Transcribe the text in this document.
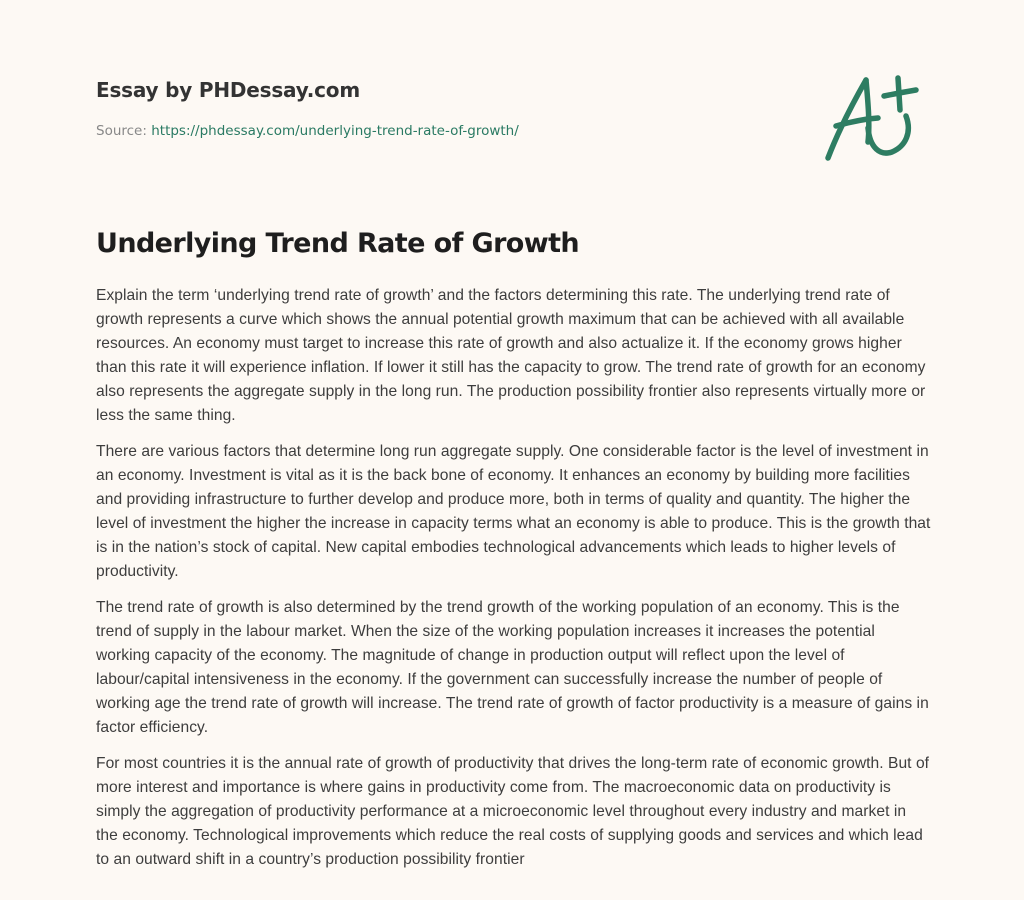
Essay by PHDessay.com
Source: https://phdessay.com/underlying-trend-rate-of-growth/
Underlying Trend Rate of Growth

Explain the term ‘underlying trend rate of growth’ and the factors determining this rate. The underlying trend rate of growth represents a curve which shows the annual potential growth maximum that can be achieved with all available resources. An economy must target to increase this rate of growth and also actualize it. If the economy grows higher than this rate it will experience inflation. If lower it still has the capacity to grow. The trend rate of growth for an economy also represents the aggregate supply in the long run. The production possibility frontier also represents virtually more or less the same thing.

There are various factors that determine long run aggregate supply. One considerable factor is the level of investment in an economy. Investment is vital as it is the back bone of economy. It enhances an economy by building more facilities and providing infrastructure to further develop and produce more, both in terms of quality and quantity. The higher the level of investment the higher the increase in capacity terms what an economy is able to produce. This is the growth that is in the nation’s stock of capital. New capital embodies technological advancements which leads to higher levels of productivity.

The trend rate of growth is also determined by the trend growth of the working population of an economy. This is the trend of supply in the labour market. When the size of the working population increases it increases the potential working capacity of the economy. The magnitude of change in production output will reflect upon the level of labour/capital intensiveness in the economy. If the government can successfully increase the number of people of working age the trend rate of growth will increase. The trend rate of growth of factor productivity is a measure of gains in factor efficiency.

For most countries it is the annual rate of growth of productivity that drives the long-term rate of economic growth. But of more interest and importance is where gains in productivity come from. The macroeconomic data on productivity is simply the aggregation of productivity performance at a microeconomic level throughout every industry and market in the economy. Technological improvements which reduce the real costs of supplying goods and services and which lead to an outward shift in a country’s production possibility frontier
